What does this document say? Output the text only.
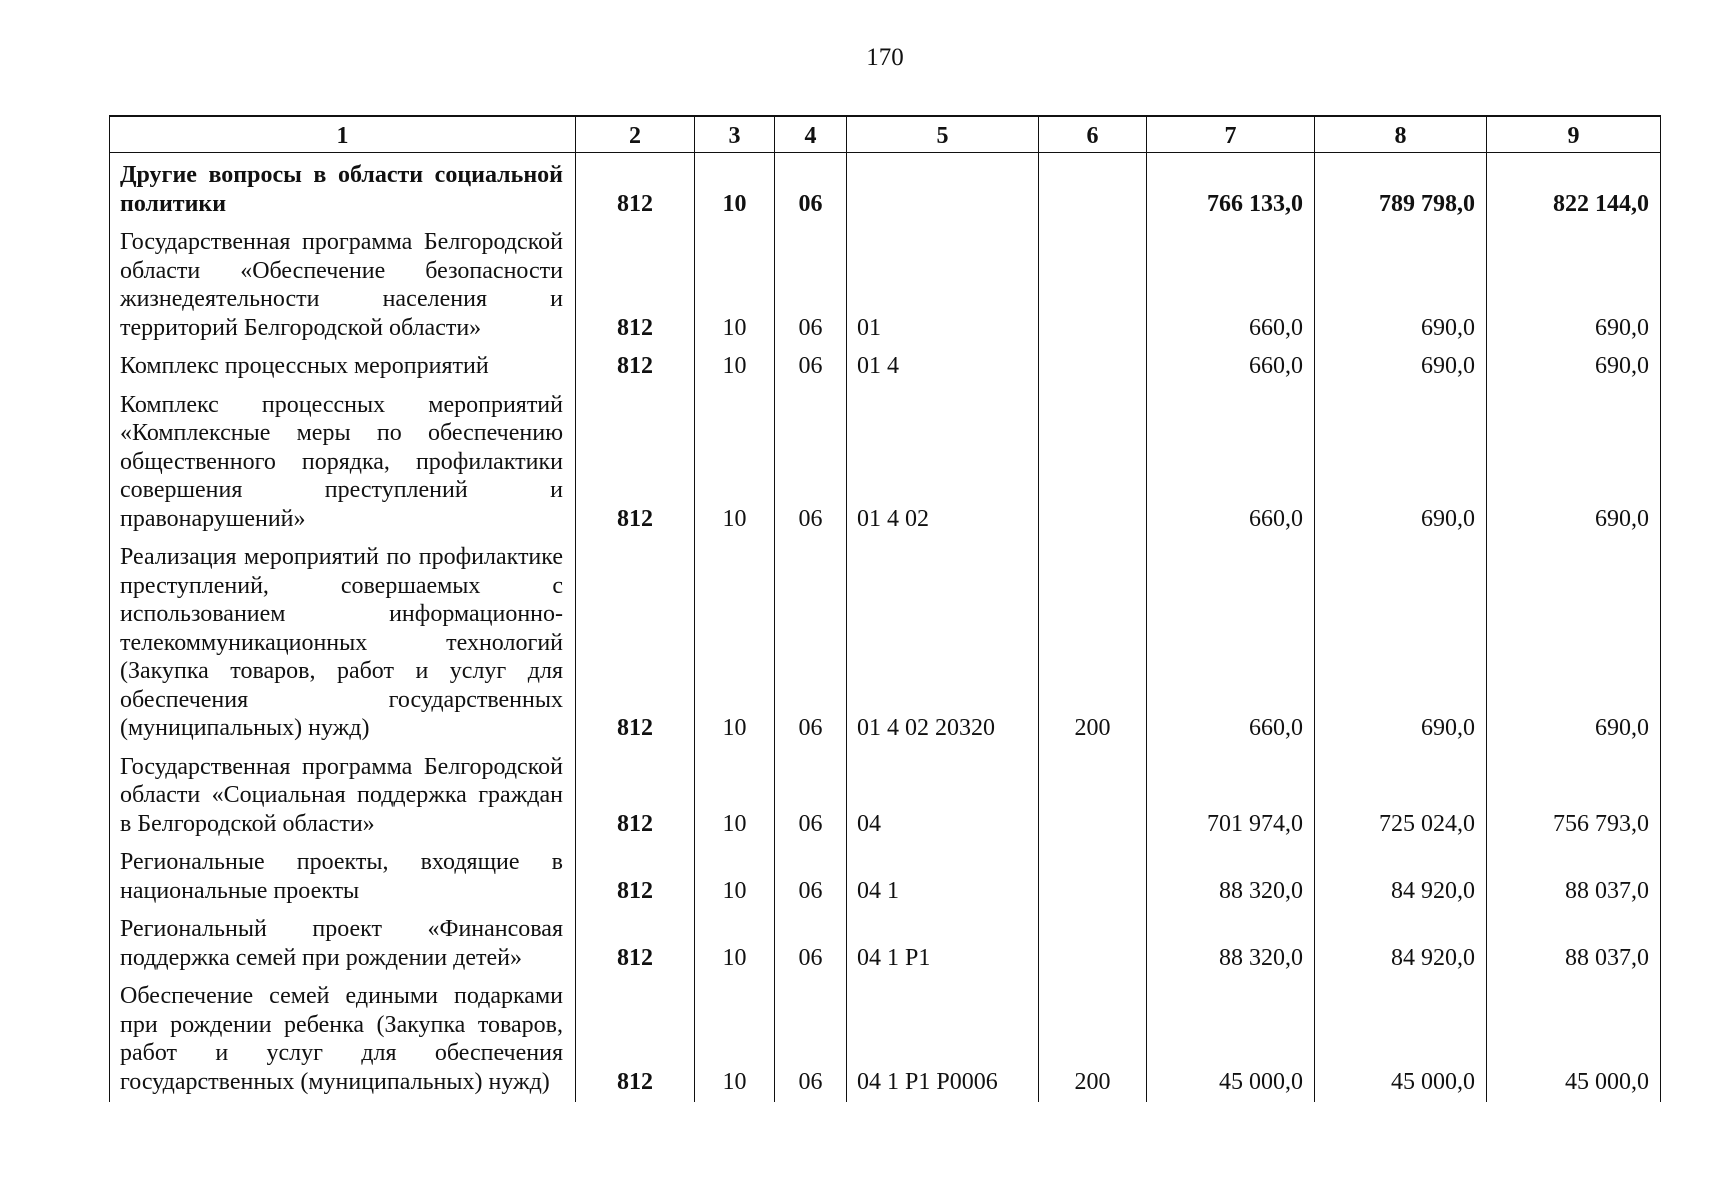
170
1	2	3	4	5	6	7	8	9
Другие вопросы в области социальной политики	812	10	06			766 133,0	789 798,0	822 144,0
Государственная программа Белгородской области «Обеспечение безопасности жизнедеятельности населения и территорий Белгородской области»	812	10	06	01		660,0	690,0	690,0
Комплекс процессных мероприятий	812	10	06	01 4		660,0	690,0	690,0
Комплекс процессных мероприятий «Комплексные меры по обеспечению общественного порядка, профилактики совершения преступлений и правонарушений»	812	10	06	01 4 02		660,0	690,0	690,0
Реализация мероприятий по профилактике преступлений, совершаемых с использованием информационно-телекоммуникационных технологий (Закупка товаров, работ и услуг для обеспечения государственных (муниципальных) нужд)	812	10	06	01 4 02 20320	200	660,0	690,0	690,0
Государственная программа Белгородской области «Социальная поддержка граждан в Белгородской области»	812	10	06	04		701 974,0	725 024,0	756 793,0
Региональные проекты, входящие в национальные проекты	812	10	06	04 1		88 320,0	84 920,0	88 037,0
Региональный проект «Финансовая поддержка семей при рождении детей»	812	10	06	04 1 P1		88 320,0	84 920,0	88 037,0
Обеспечение семей едиными подарками при рождении ребенка (Закупка товаров, работ и услуг для обеспечения государственных (муниципальных) нужд)	812	10	06	04 1 P1 P0006	200	45 000,0	45 000,0	45 000,0
